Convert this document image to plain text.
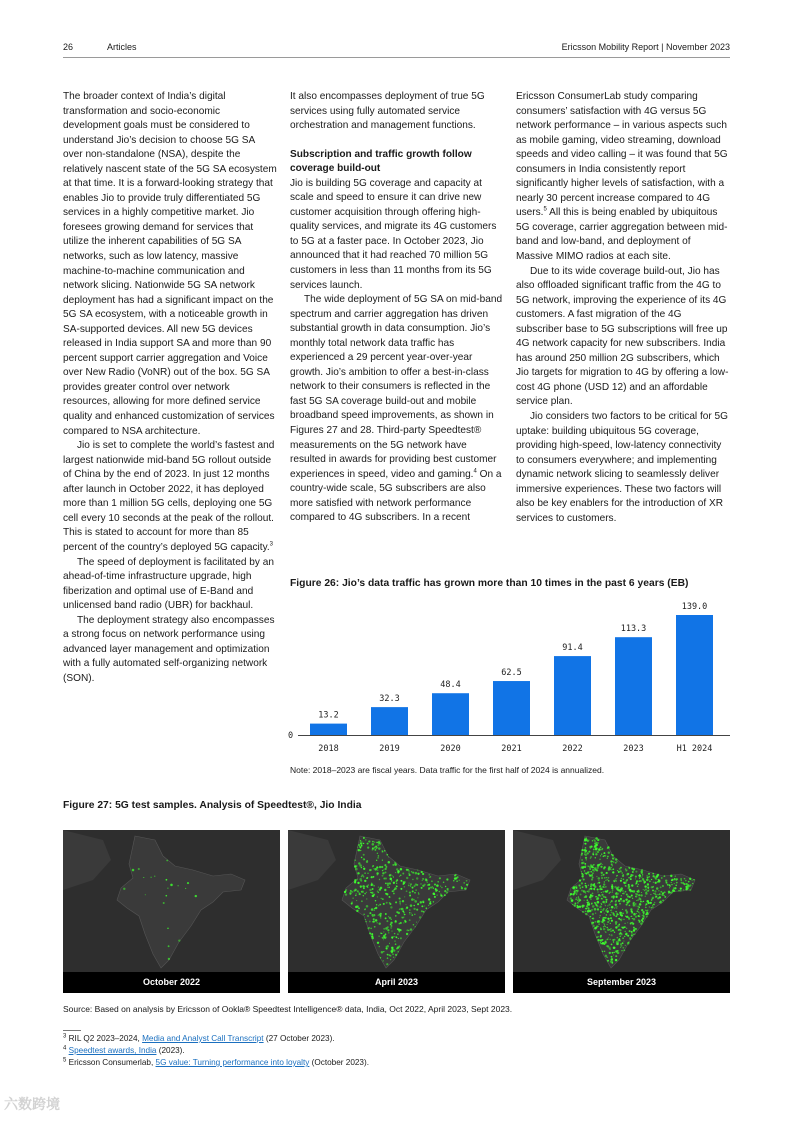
26	Articles	Ericsson Mobility Report | November 2023

The broader context of India’s digital transformation and socio-economic development goals must be considered to understand Jio’s decision to choose 5G SA over non-standalone (NSA), despite the relatively nascent state of the 5G SA ecosystem at that time. It is a forward-looking strategy that enables Jio to provide truly differentiated 5G services in a highly competitive market. Jio foresees growing demand for services that utilize the inherent capabilities of 5G SA networks, such as low latency, massive machine-to-machine communication and network slicing. Nationwide 5G SA network deployment has had a significant impact on the 5G SA ecosystem, with a noticeable growth in SA-supported devices. All new 5G devices released in India support SA and more than 90 percent support carrier aggregation and Voice over New Radio (VoNR) out of the box. 5G SA provides greater control over network resources, allowing for more defined service quality and enhanced customization of services compared to NSA architecture.

Jio is set to complete the world’s fastest and largest nationwide mid-band 5G rollout outside of China by the end of 2023. In just 12 months after launch in October 2022, it has deployed more than 1 million 5G cells, deploying one 5G cell every 10 seconds at the peak of the rollout. This is stated to account for more than 85 percent of the country’s deployed 5G capacity.$^3$

The speed of deployment is facilitated by an ahead-of-time infrastructure upgrade, high fiberization and optimal use of E-Band and unlicensed band radio (UBR) for backhaul.

The deployment strategy also encompasses a strong focus on network performance using advanced layer management and optimization with a fully automated self-organizing network (SON).

It also encompasses deployment of true 5G services using fully automated service orchestration and management functions.

Subscription and traffic growth follow coverage build-out

Jio is building 5G coverage and capacity at scale and speed to ensure it can drive new customer acquisition through offering high-quality services, and migrate its 4G customers to 5G at a faster pace. In October 2023, Jio announced that it had reached 70 million 5G customers in less than 11 months from its 5G services launch.

The wide deployment of 5G SA on mid-band spectrum and carrier aggregation has driven substantial growth in data consumption. Jio’s monthly total network data traffic has experienced a 29 percent year-over-year growth. Jio’s ambition to offer a best-in-class network to their consumers is reflected in the fast 5G SA coverage build-out and mobile broadband speed improvements, as shown in Figures 27 and 28. Third-party Speedtest® measurements on the 5G network have resulted in awards for providing best customer experiences in speed, video and gaming.$^4$ On a country-wide scale, 5G subscribers are also more satisfied with network performance compared to 4G subscribers. In a recent

Ericsson ConsumerLab study comparing consumers’ satisfaction with 4G versus 5G network performance – in various aspects such as mobile gaming, video streaming, download speeds and video calling – it was found that 5G consumers in India consistently report significantly higher levels of satisfaction, with a nearly 30 percent increase compared to 4G users.$^5$ All this is being enabled by ubiquitous 5G coverage, carrier aggregation between mid-band and low-band, and deployment of Massive MIMO radios at each site.

Due to its wide coverage build-out, Jio has also offloaded significant traffic from the 4G to 5G network, improving the experience of its 4G customers. A fast migration of the 4G subscriber base to 5G subscriptions will free up 4G network capacity for new subscribers. India has around 250 million 2G subscribers, which Jio targets for migration to 4G by offering a low-cost 4G phone (USD 12) and an affordable service plan.

Jio considers two factors to be critical for 5G uptake: building ubiquitous 5G coverage, providing high-speed, low-latency connectivity to consumers everywhere; and implementing dynamic network slicing to seamlessly deliver immersive experiences. These two factors will also be key enablers for the introduction of XR services to customers.

Figure 26: Jio’s data traffic has grown more than 10 times in the past 6 years (EB)
0
13.2
2018
32.3
2019
48.4
2020
62.5
2021
91.4
2022
113.3
2023
139.0
H1 2024
Note: 2018–2023 are fiscal years. Data traffic for the first half of 2024 is annualized.
Figure 27: 5G test samples. Analysis of Speedtest®, Jio India
October 2022	April 2023	September 2023
Source: Based on analysis by Ericsson of Ookla® Speedtest Intelligence® data, India, Oct 2022, April 2023, Sept 2023.
$^3$ RIL Q2 2023–2024, Media and Analyst Call Transcript (27 October 2023).
$^4$ Speedtest awards, India (2023).
$^5$ Ericsson Consumerlab, 5G value: Turning performance into loyalty (October 2023).
六数跨境
